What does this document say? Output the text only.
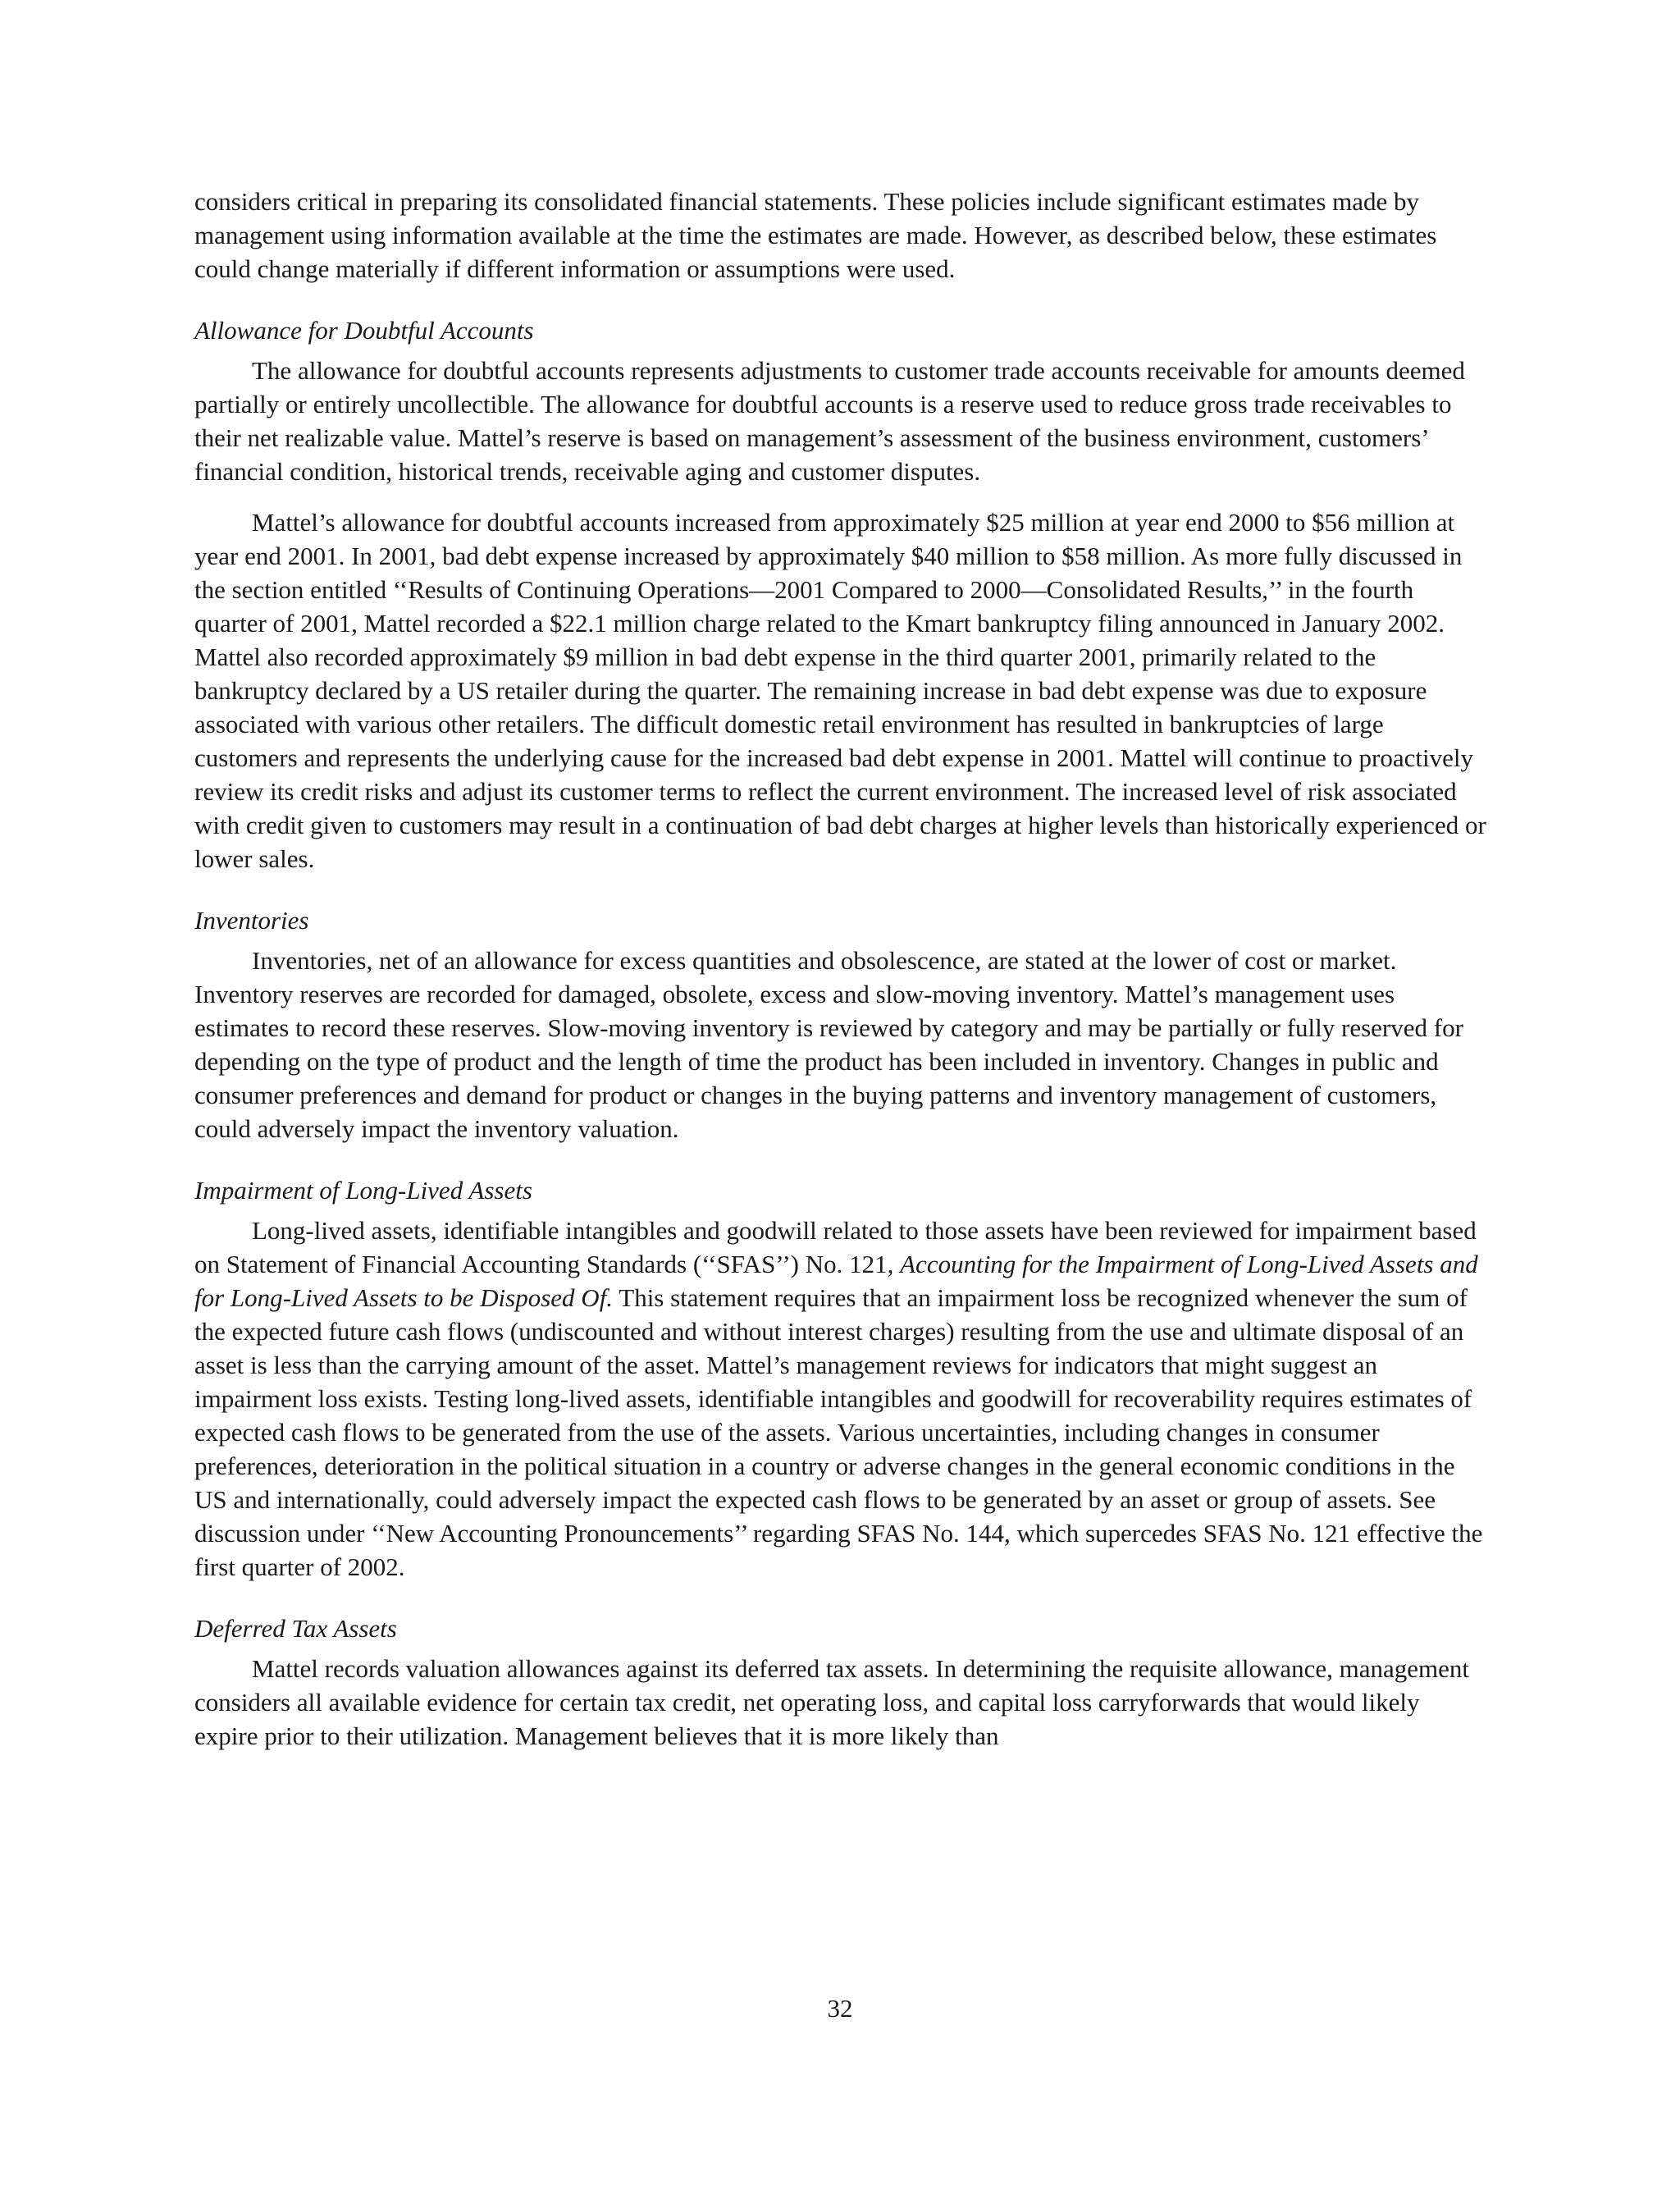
considers critical in preparing its consolidated financial statements. These policies include significant estimates made by management using information available at the time the estimates are made. However, as described below, these estimates could change materially if different information or assumptions were used.

Allowance for Doubtful Accounts

The allowance for doubtful accounts represents adjustments to customer trade accounts receivable for amounts deemed partially or entirely uncollectible. The allowance for doubtful accounts is a reserve used to reduce gross trade receivables to their net realizable value. Mattel’s reserve is based on management’s assessment of the business environment, customers’ financial condition, historical trends, receivable aging and customer disputes.

Mattel’s allowance for doubtful accounts increased from approximately $25 million at year end 2000 to $56 million at year end 2001. In 2001, bad debt expense increased by approximately $40 million to $58 million. As more fully discussed in the section entitled ‘‘Results of Continuing Operations—2001 Compared to 2000—Consolidated Results,’’ in the fourth quarter of 2001, Mattel recorded a $22.1 million charge related to the Kmart bankruptcy filing announced in January 2002. Mattel also recorded approximately $9 million in bad debt expense in the third quarter 2001, primarily related to the bankruptcy declared by a US retailer during the quarter. The remaining increase in bad debt expense was due to exposure associated with various other retailers. The difficult domestic retail environment has resulted in bankruptcies of large customers and represents the underlying cause for the increased bad debt expense in 2001. Mattel will continue to proactively review its credit risks and adjust its customer terms to reflect the current environment. The increased level of risk associated with credit given to customers may result in a continuation of bad debt charges at higher levels than historically experienced or lower sales.

Inventories

Inventories, net of an allowance for excess quantities and obsolescence, are stated at the lower of cost or market. Inventory reserves are recorded for damaged, obsolete, excess and slow-moving inventory. Mattel’s management uses estimates to record these reserves. Slow-moving inventory is reviewed by category and may be partially or fully reserved for depending on the type of product and the length of time the product has been included in inventory. Changes in public and consumer preferences and demand for product or changes in the buying patterns and inventory management of customers, could adversely impact the inventory valuation.

Impairment of Long-Lived Assets

Long-lived assets, identifiable intangibles and goodwill related to those assets have been reviewed for impairment based on Statement of Financial Accounting Standards (‘‘SFAS’’) No. 121, Accounting for the Impairment of Long-Lived Assets and for Long-Lived Assets to be Disposed Of. This statement requires that an impairment loss be recognized whenever the sum of the expected future cash flows (undiscounted and without interest charges) resulting from the use and ultimate disposal of an asset is less than the carrying amount of the asset. Mattel’s management reviews for indicators that might suggest an impairment loss exists. Testing long-lived assets, identifiable intangibles and goodwill for recoverability requires estimates of expected cash flows to be generated from the use of the assets. Various uncertainties, including changes in consumer preferences, deterioration in the political situation in a country or adverse changes in the general economic conditions in the US and internationally, could adversely impact the expected cash flows to be generated by an asset or group of assets. See discussion under ‘‘New Accounting Pronouncements’’ regarding SFAS No. 144, which supercedes SFAS No. 121 effective the first quarter of 2002.

Deferred Tax Assets

Mattel records valuation allowances against its deferred tax assets. In determining the requisite allowance, management considers all available evidence for certain tax credit, net operating loss, and capital loss carryforwards that would likely expire prior to their utilization. Management believes that it is more likely than

32
